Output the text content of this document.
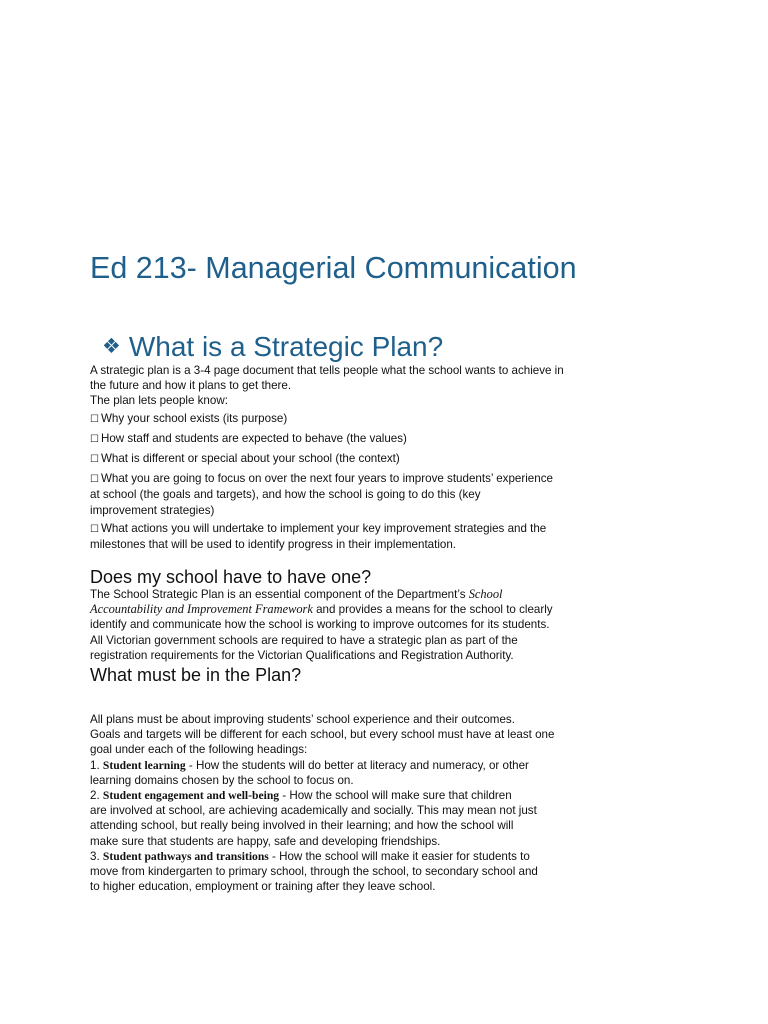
Ed 213- Managerial Communication
❖ What is a Strategic Plan?
A strategic plan is a 3-4 page document that tells people what the school wants to achieve in
the future and how it plans to get there.
The plan lets people know:
☐ Why your school exists (its purpose)
☐ How staff and students are expected to behave (the values)
☐ What is different or special about your school (the context)
☐ What you are going to focus on over the next four years to improve students’ experience
at school (the goals and targets), and how the school is going to do this (key
improvement strategies)
☐ What actions you will undertake to implement your key improvement strategies and the
milestones that will be used to identify progress in their implementation.
Does my school have to have one?
The School Strategic Plan is an essential component of the Department’s School
Accountability and Improvement Framework and provides a means for the school to clearly
identify and communicate how the school is working to improve outcomes for its students.
All Victorian government schools are required to have a strategic plan as part of the
registration requirements for the Victorian Qualifications and Registration Authority.
What must be in the Plan?
All plans must be about improving students’ school experience and their outcomes.
Goals and targets will be different for each school, but every school must have at least one
goal under each of the following headings:
1. Student learning - How the students will do better at literacy and numeracy, or other
learning domains chosen by the school to focus on.
2. Student engagement and well-being - How the school will make sure that children
are involved at school, are achieving academically and socially. This may mean not just
attending school, but really being involved in their learning; and how the school will
make sure that students are happy, safe and developing friendships.
3. Student pathways and transitions - How the school will make it easier for students to
move from kindergarten to primary school, through the school, to secondary school and
to higher education, employment or training after they leave school.
